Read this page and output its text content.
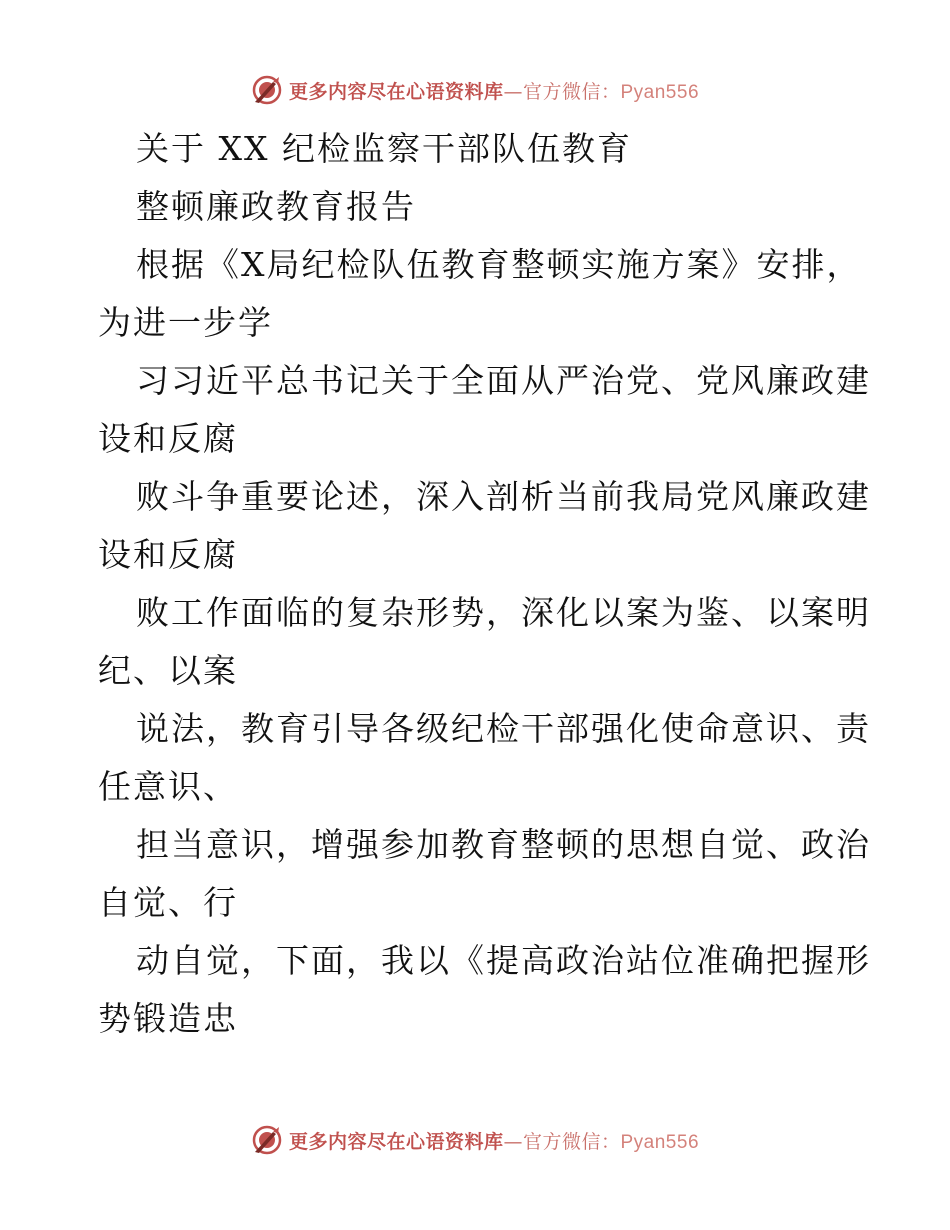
更多内容尽在心语资料库—官方微信：Pyan556
关于 XX 纪检监察干部队伍教育
整顿廉政教育报告
根据《X局纪检队伍教育整顿实施方案》安排，
为进一步学
习习近平总书记关于全面从严治党、党风廉政建
设和反腐
败斗争重要论述，深入剖析当前我局党风廉政建
设和反腐
败工作面临的复杂形势，深化以案为鉴、以案明
纪、以案
说法，教育引导各级纪检干部强化使命意识、责
任意识、
担当意识，增强参加教育整顿的思想自觉、政治
自觉、行
动自觉，下面，我以《提高政治站位准确把握形
势锻造忠
更多内容尽在心语资料库—官方微信：Pyan556
